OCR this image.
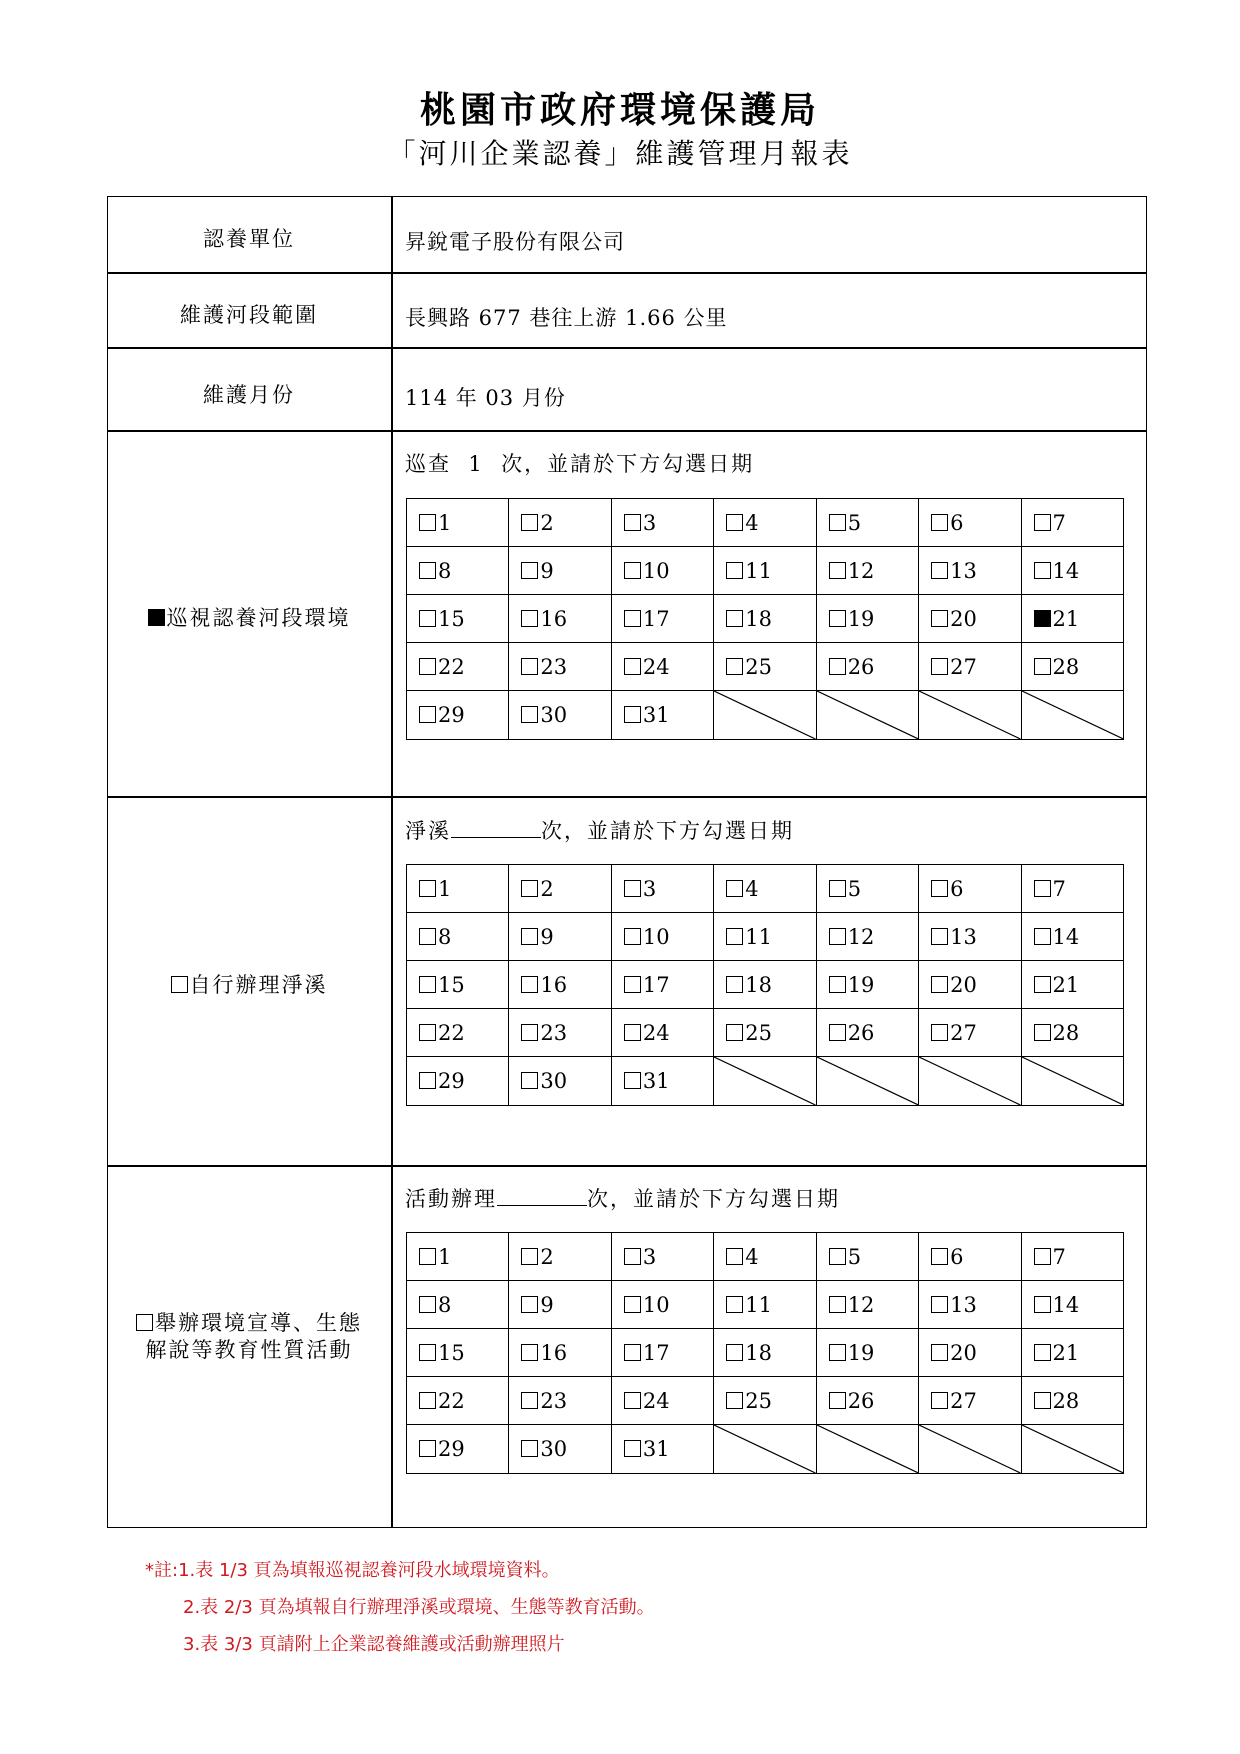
桃園市政府環境保護局
「河川企業認養」維護管理月報表
認養單位	昇銳電子股份有限公司
維護河段範圍	長興路 677 巷往上游 1.66 公里
維護月份	114 年 03 月份
巡視認養河段環境
巡查 1 次，並請於下方勾選日期
1	2	3	4	5	6	7
8	9	10	11	12	13	14
15	16	17	18	19	20	21
22	23	24	25	26	27	28
29	30	31	

自行辦理淨溪
淨溪	次，並請於下方勾選日期
1	2	3	4	5	6	7
8	9	10	11	12	13	14
15	16	17	18	19	20	21
22	23	24	25	26	27	28
29	30	31	

舉辦環境宣導、生態
解說等教育性質活動
活動辦理	次，並請於下方勾選日期
1	2	3	4	5	6	7
8	9	10	11	12	13	14
15	16	17	18	19	20	21
22	23	24	25	26	27	28
29	30	31	

*註:1.表 1/3 頁為填報巡視認養河段水域環境資料。
2.表 2/3 頁為填報自行辦理淨溪或環境、生態等教育活動。
3.表 3/3 頁請附上企業認養維護或活動辦理照片
